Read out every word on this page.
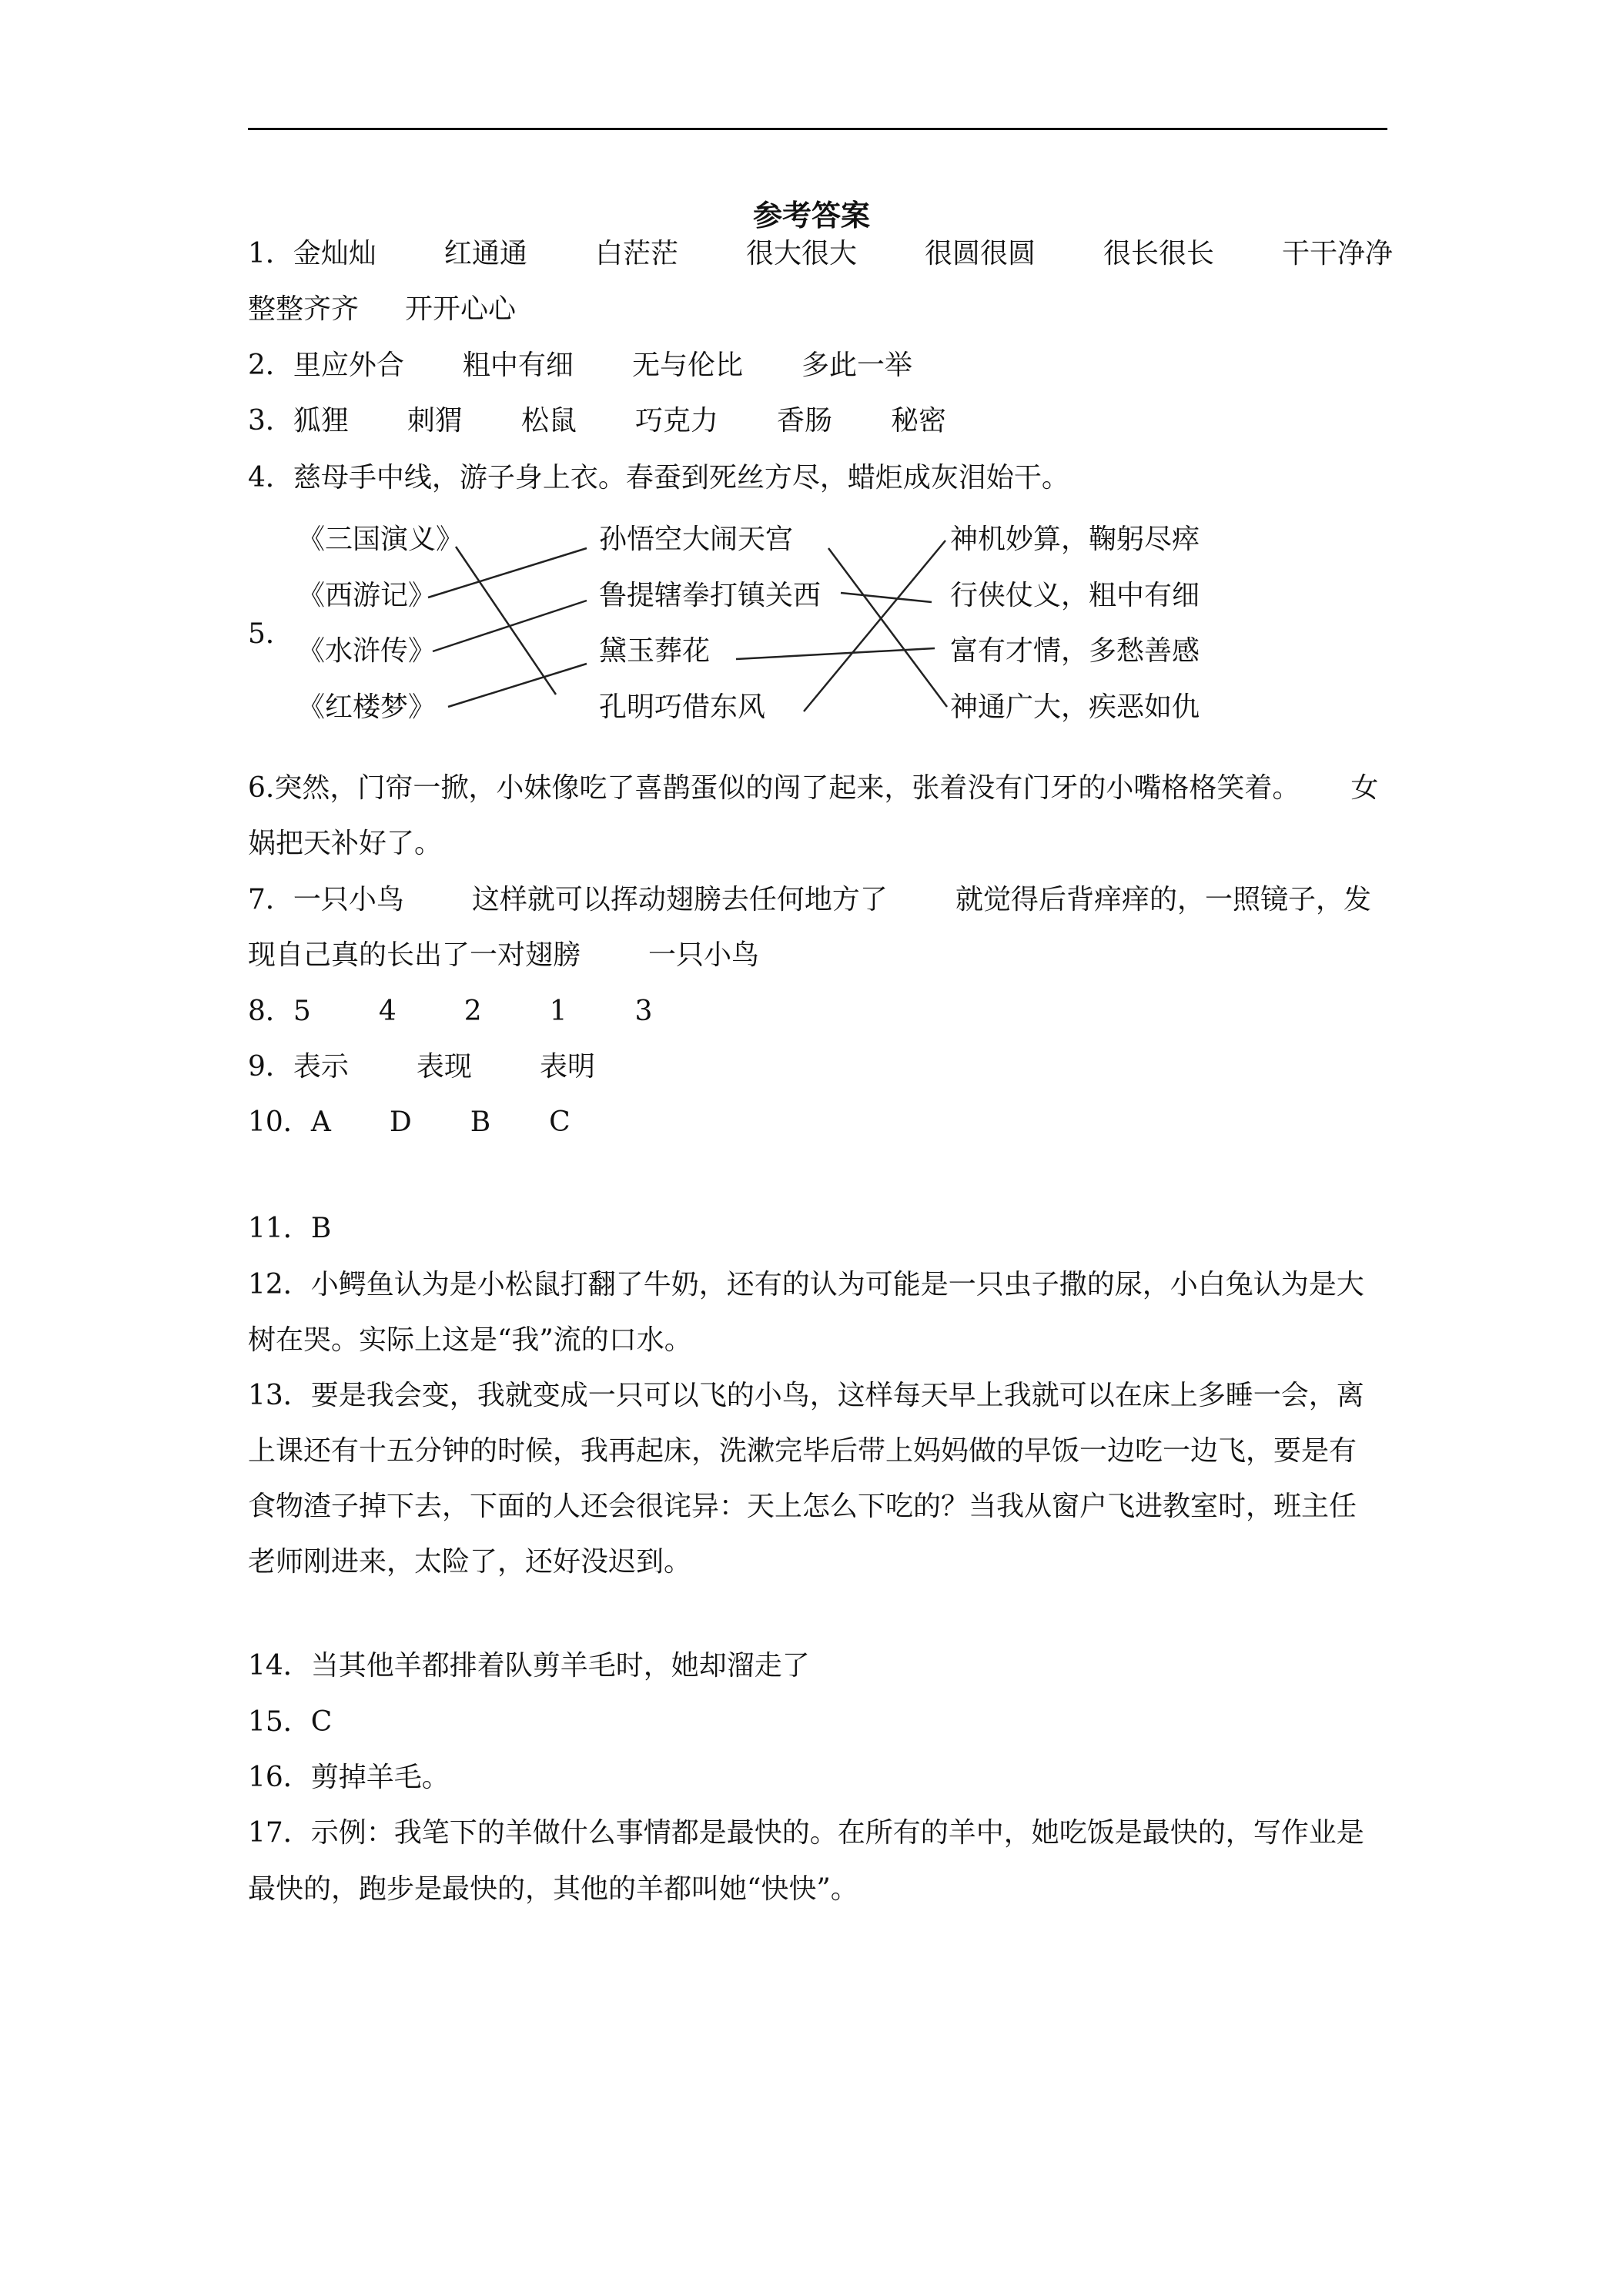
参考答案
1．金灿灿 红通通 白茫茫 很大很大 很圆很圆 很长很长 干干净净
整整齐齐 开开心心
2．里应外合 粗中有细 无与伦比 多此一举
3．狐狸 刺猬 松鼠 巧克力 香肠 秘密
4．慈母手中线，游子身上衣。春蚕到死丝方尽，蜡炬成灰泪始干。
5．
《三国演义》
《西游记》
《水浒传》
《红楼梦》
孙悟空大闹天宫
鲁提辖拳打镇关西
黛玉葬花
孔明巧借东风
神机妙算，鞠躬尽瘁
行侠仗义，粗中有细
富有才情，多愁善感
神通广大，疾恶如仇
6.突然，门帘一掀，小妹像吃了喜鹊蛋似的闯了起来，张着没有门牙的小嘴格格笑着。 女
娲把天补好了。
7．一只小鸟 这样就可以挥动翅膀去任何地方了 就觉得后背痒痒的，一照镜子，发
现自己真的长出了一对翅膀 一只小鸟
8．5 4 2 1 3
9．表示 表现 表明
10．A D B C
11．B
12．小鳄鱼认为是小松鼠打翻了牛奶，还有的认为可能是一只虫子撒的尿，小白兔认为是大
树在哭。实际上这是“我”流的口水。
13．要是我会变，我就变成一只可以飞的小鸟，这样每天早上我就可以在床上多睡一会，离
上课还有十五分钟的时候，我再起床，洗漱完毕后带上妈妈做的早饭一边吃一边飞，要是有
食物渣子掉下去，下面的人还会很诧异：天上怎么下吃的？当我从窗户飞进教室时，班主任
老师刚进来，太险了，还好没迟到。
14．当其他羊都排着队剪羊毛时，她却溜走了
15．C
16．剪掉羊毛。
17．示例：我笔下的羊做什么事情都是最快的。在所有的羊中，她吃饭是最快的，写作业是
最快的，跑步是最快的，其他的羊都叫她“快快”。
